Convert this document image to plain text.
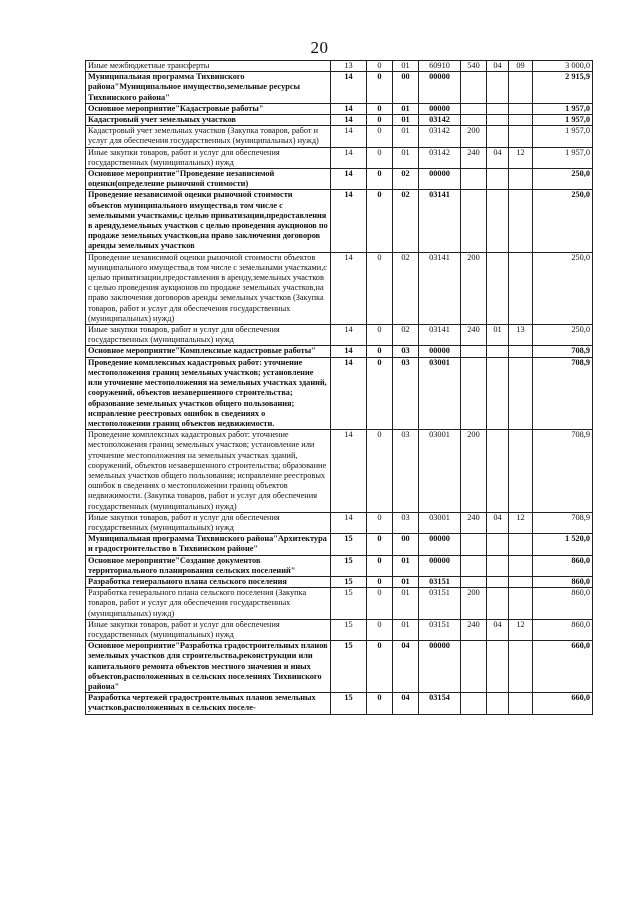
20
Иные межбюджетные трансферты	13	0	01	60910	540	04	09	3 000,0
Муниципальная программа Тихвинского района"Муниципальное имущество,земельные ресурсы Тихвинского района"	14	0	00	00000				2 915,9
Основное мероприятие"Кадастровые работы"	14	0	01	00000				1 957,0
Кадастровый учет земельных участков	14	0	01	03142				1 957,0
Кадастровый учет земельных участков (Закупка товаров, работ и услуг для обеспечения государственных (муниципальных) нужд)	14	0	01	03142	200			1 957,0
Иные закупки товаров, работ и услуг для обеспечения государственных (муниципальных) нужд	14	0	01	03142	240	04	12	1 957,0
Основное мероприятие"Проведение независимой оценки(определение рыночной стоимости)	14	0	02	00000				250,0
Проведение независимой оценки рыночной стоимости объектов муниципального имущества,в том числе с земельными участками,с целью приватизации,предоставления в аренду,земельных участков с целью проведения аукционов по продаже земельных участков,на право заключения договоров аренды земельных участков	14	0	02	03141				250,0
Проведение независимой оценки рыночной стоимости объектов муниципального имущества,в том числе с земельными участками,с целью приватизации,предоставления в аренду,земельных участков с целью проведения аукционов по продаже земельных участков,на право заключения договоров аренды земельных участков (Закупка товаров, работ и услуг для обеспечения государственных (муниципальных) нужд)	14	0	02	03141	200			250,0
Иные закупки товаров, работ и услуг для обеспечения государственных (муниципальных) нужд	14	0	02	03141	240	01	13	250,0
Основное мероприятие"Комплексные кадастровые работы"	14	0	03	00000				708,9
Проведение комплексных кадастровых работ: уточнение местоположения границ земельных участков; установление или уточнение местоположения на земельных участках зданий, сооружений, объектов незавершенного строительства; образование земельных участков общего пользования; исправление реестровых ошибок в сведениях о местоположении границ объектов недвижимости.	14	0	03	03001				708,9
Проведение комплексных кадастровых работ: уточнение местоположения границ земельных участков; установление или уточнение местоположения на земельных участках зданий, сооружений, объектов незавершенного строительства; образование земельных участков общего пользования; исправление реестровых ошибок в сведениях о местоположении границ объектов недвижимости. (Закупка товаров, работ и услуг для обеспечения государственных (муниципальных) нужд)	14	0	03	03001	200			708,9
Иные закупки товаров, работ и услуг для обеспечения государственных (муниципальных) нужд	14	0	03	03001	240	04	12	708,9
Муниципальная программа Тихвинского района"Архитектура и градостроительство в Тихвинском районе"	15	0	00	00000				1 520,0
Основное мероприятие"Создание документов территориального планирования сельских поселений"	15	0	01	00000				860,0
Разработка генерального плана сельского поселения	15	0	01	03151				860,0
Разработка генерального плана сельского поселения (Закупка товаров, работ и услуг для обеспечения государственных (муниципальных) нужд)	15	0	01	03151	200			860,0
Иные закупки товаров, работ и услуг для обеспечения государственных (муниципальных) нужд	15	0	01	03151	240	04	12	860,0
Основное мероприятие"Разработка градостроительных планов земельных участков для строительства,реконструкции или капитального ремонта объектов местного значения и иных объектов,расположенных в сельских поселениях Тихвинского района"	15	0	04	00000				660,0
Разработка чертежей градостроительных планов земельных участков,расположенных в сельских поселе-	15	0	04	03154				660,0
